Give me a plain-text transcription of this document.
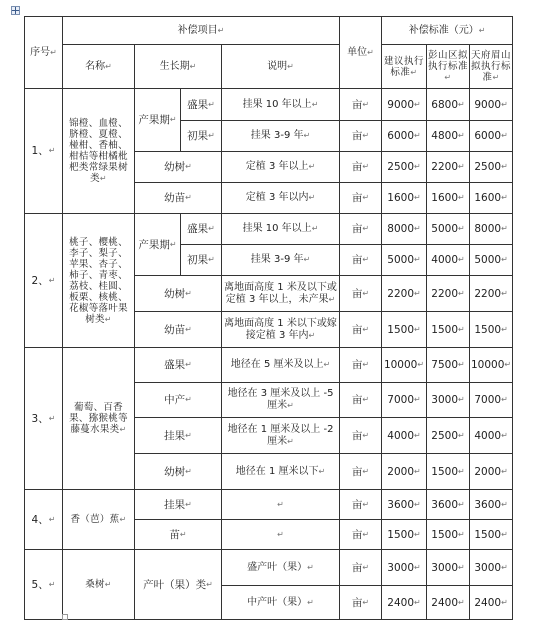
序号↵	补偿项目↵				单位↵	补偿标准（元）↵
	名称↵	生长期↵		说明↵		建议执行标准↵	彭山区拟执行标准↵	天府眉山拟执行标准↵
1、↵	锦橙、血橙、脐橙、夏橙、椪柑、香柚、柑桔等柑橘枇杷类常绿果树类↵	产果期↵	盛果↵	挂果 10 年以上↵	亩↵	9000↵	6800↵	9000↵
			初果↵	挂果 3-9 年↵	亩↵	6000↵	4800↵	6000↵
		幼树↵		定植 3 年以上↵	亩↵	2500↵	2200↵	2500↵
		幼苗↵		定植 3 年以内↵	亩↵	1600↵	1600↵	1600↵
2、↵	桃子、樱桃、李子、梨子、苹果、杏子、柿子、青枣、荔枝、桂圆、板栗、核桃、花椒等落叶果树类↵	产果期↵	盛果↵	挂果 10 年以上↵	亩↵	8000↵	5000↵	8000↵
			初果↵	挂果 3-9 年↵	亩↵	5000↵	4000↵	5000↵
		幼树↵		离地面高度 1 米及以下或定植 3 年以上，未产果↵	亩↵	2200↵	2200↵	2200↵
		幼苗↵		离地面高度 1 米以下或嫁接定植 3 年内↵	亩↵	1500↵	1500↵	1500↵
3、↵	葡萄、百香果、猕猴桃等藤蔓水果类↵	盛果↵		地径在 5 厘米及以上↵	亩↵	10000↵	7500↵	10000↵
		中产↵		地径在 3 厘米及以上 -5 厘米↵	亩↵	7000↵	3000↵	7000↵
		挂果↵		地径在 1 厘米及以上 -2 厘米↵	亩↵	4000↵	2500↵	4000↵
		幼树↵		地径在 1 厘米以下↵	亩↵	2000↵	1500↵	2000↵
4、↵	香（芭）蕉↵	挂果↵		↵	亩↵	3600↵	3600↵	3600↵
		苗↵		↵	亩↵	1500↵	1500↵	1500↵
5、↵	桑树↵	产叶（果）类↵		盛产叶（果）↵	亩↵	3000↵	3000↵	3000↵
				中产叶（果）↵	亩↵	2400↵	2400↵	2400↵
